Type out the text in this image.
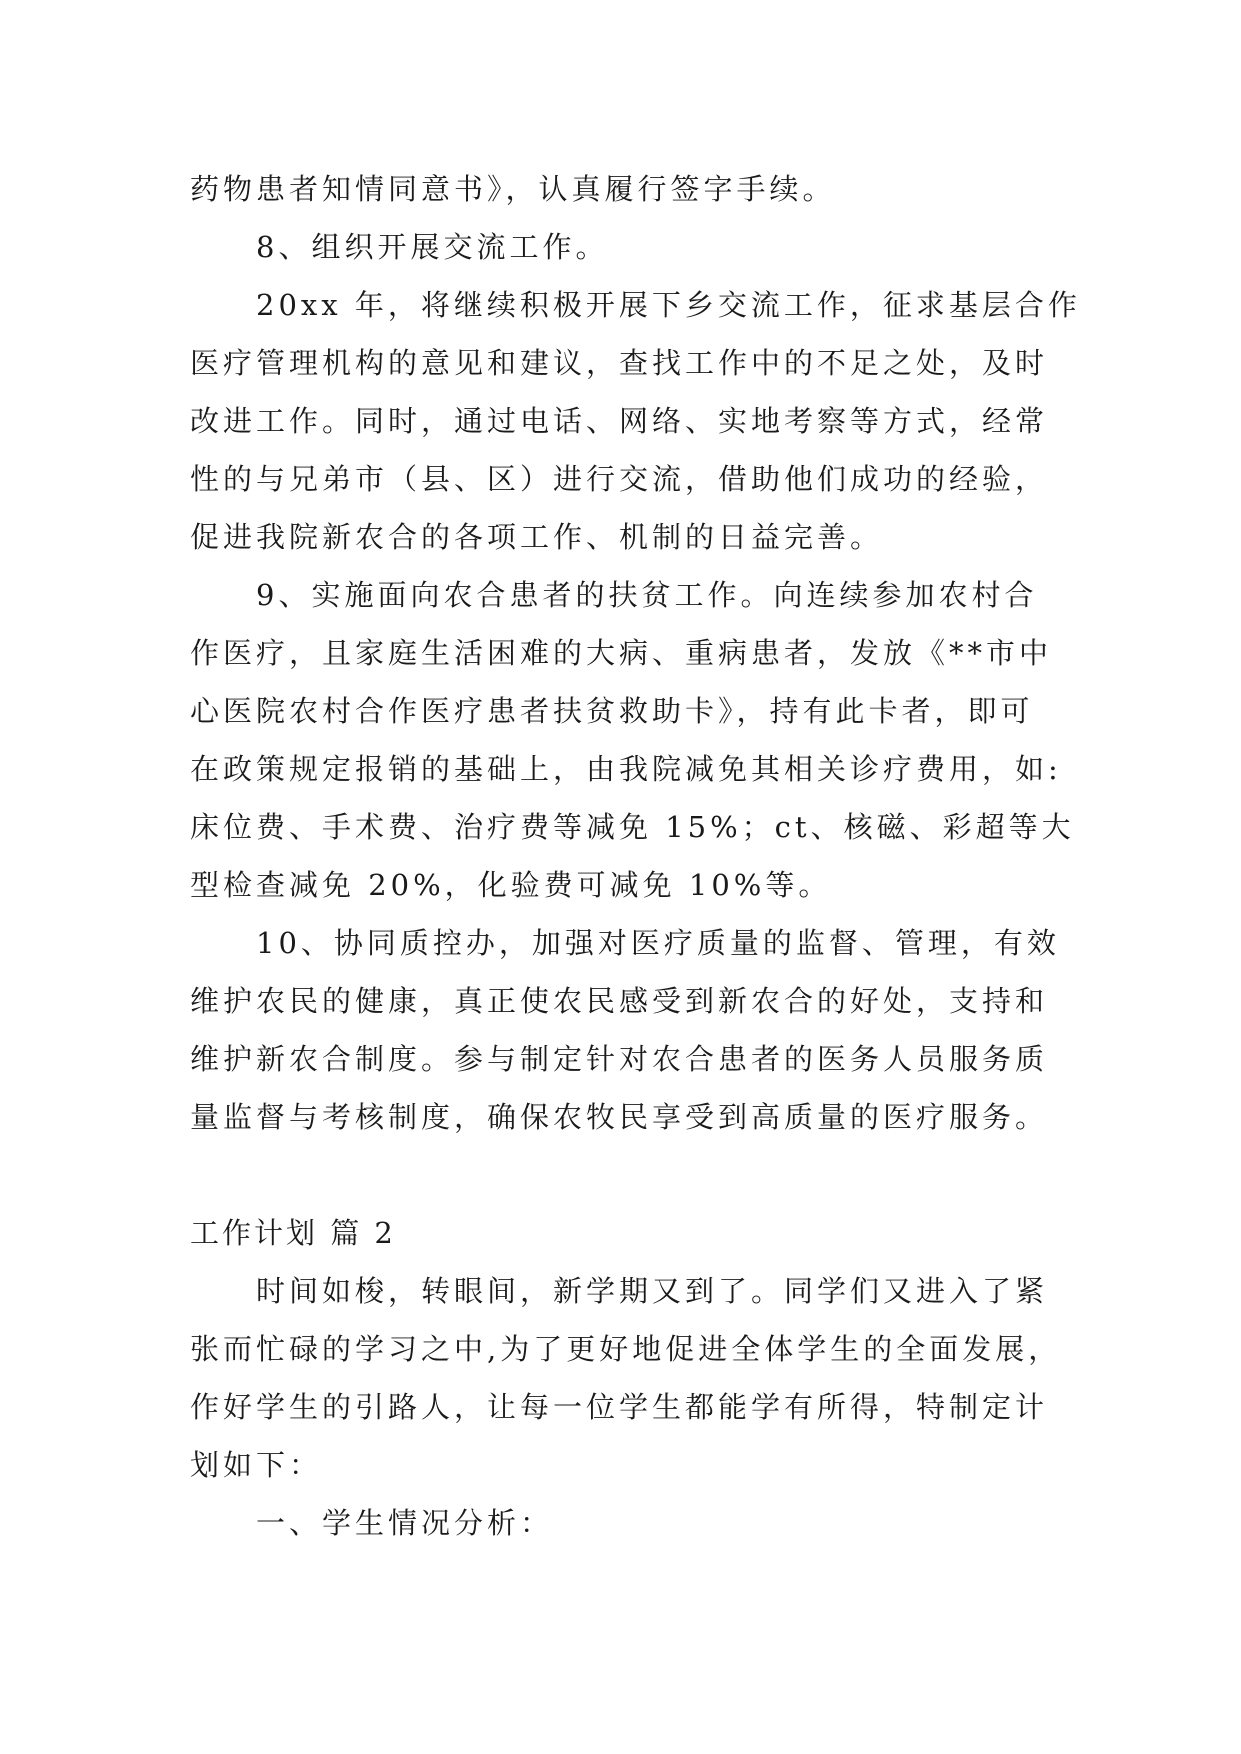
药物患者知情同意书》，认真履行签字手续。
8、组织开展交流工作。
20xx 年，将继续积极开展下乡交流工作，征求基层合作
医疗管理机构的意见和建议，查找工作中的不足之处，及时
改进工作。同时，通过电话、网络、实地考察等方式，经常
性的与兄弟市（县、区）进行交流，借助他们成功的经验，
促进我院新农合的各项工作、机制的日益完善。
9、实施面向农合患者的扶贫工作。向连续参加农村合
作医疗，且家庭生活困难的大病、重病患者，发放《**市中
心医院农村合作医疗患者扶贫救助卡》，持有此卡者，即可
在政策规定报销的基础上，由我院减免其相关诊疗费用，如:
床位费、手术费、治疗费等减免 15%；ct、核磁、彩超等大
型检查减免 20%，化验费可减免 10%等。
10、协同质控办，加强对医疗质量的监督、管理，有效
维护农民的健康，真正使农民感受到新农合的好处，支持和
维护新农合制度。参与制定针对农合患者的医务人员服务质
量监督与考核制度，确保农牧民享受到高质量的医疗服务。
工作计划 篇 2
时间如梭，转眼间，新学期又到了。同学们又进入了紧
张而忙碌的学习之中,为了更好地促进全体学生的全面发展，
作好学生的引路人，让每一位学生都能学有所得，特制定计
划如下：
一、学生情况分析：
